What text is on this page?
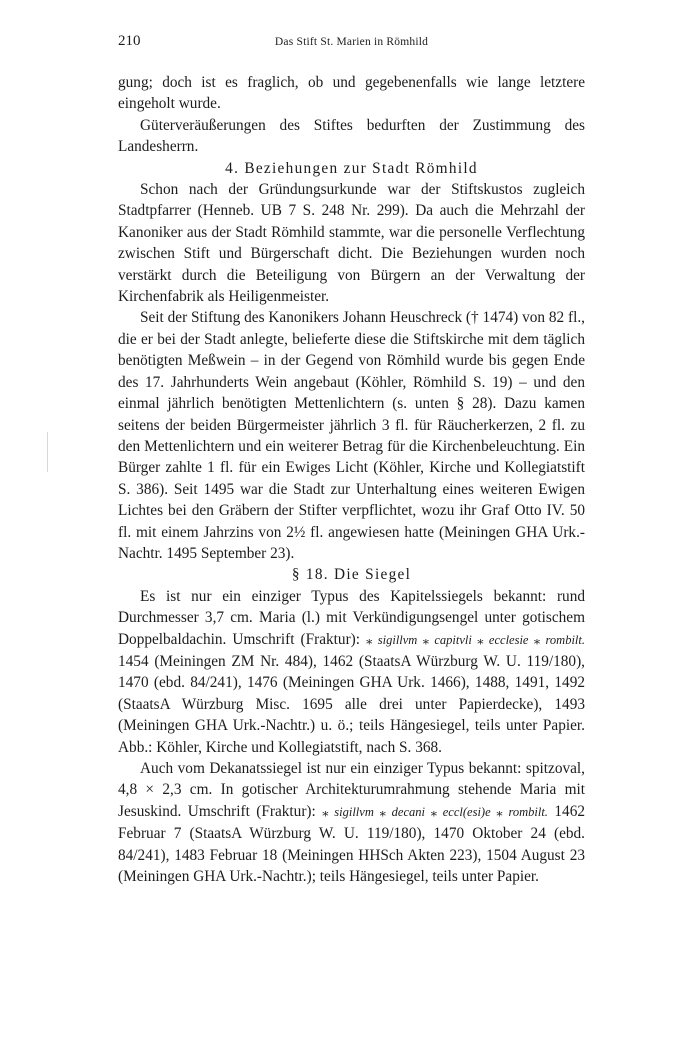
210	Das Stift St. Marien in Römhild

gung; doch ist es fraglich, ob und gegebenenfalls wie lange letztere eingeholt wurde.

Güterveräußerungen des Stiftes bedurften der Zustimmung des Landesherrn.

4. Beziehungen zur Stadt Römhild

Schon nach der Gründungsurkunde war der Stiftskustos zugleich Stadtpfarrer (Henneb. UB 7 S. 248 Nr. 299). Da auch die Mehrzahl der Kanoniker aus der Stadt Römhild stammte, war die personelle Verflechtung zwischen Stift und Bürgerschaft dicht. Die Beziehungen wurden noch verstärkt durch die Beteiligung von Bürgern an der Verwaltung der Kirchenfabrik als Heiligenmeister.

Seit der Stiftung des Kanonikers Johann Heuschreck († 1474) von 82 fl., die er bei der Stadt anlegte, belieferte diese die Stiftskirche mit dem täglich benötigten Meßwein – in der Gegend von Römhild wurde bis gegen Ende des 17. Jahrhunderts Wein angebaut (Köhler, Römhild S. 19) – und den einmal jährlich benötigten Mettenlichtern (s. unten § 28). Dazu kamen seitens der beiden Bürgermeister jährlich 3 fl. für Räucherkerzen, 2 fl. zu den Mettenlichtern und ein weiterer Betrag für die Kirchenbeleuchtung. Ein Bürger zahlte 1 fl. für ein Ewiges Licht (Köhler, Kirche und Kollegiatstift S. 386). Seit 1495 war die Stadt zur Unterhaltung eines weiteren Ewigen Lichtes bei den Gräbern der Stifter verpflichtet, wozu ihr Graf Otto IV. 50 fl. mit einem Jahrzins von 2½ fl. angewiesen hatte (Meiningen GHA Urk.-Nachtr. 1495 September 23).

§ 18. Die Siegel

Es ist nur ein einziger Typus des Kapitelssiegels bekannt: rund Durchmesser 3,7 cm. Maria (l.) mit Verkündigungsengel unter gotischem Doppelbaldachin. Umschrift (Fraktur): ⁎ sigillvm ⁎ capitvli ⁎ ecclesie ⁎ rombilt. 1454 (Meiningen ZM Nr. 484), 1462 (StaatsA Würzburg W. U. 119/180), 1470 (ebd. 84/241), 1476 (Meiningen GHA Urk. 1466), 1488, 1491, 1492 (StaatsA Würzburg Misc. 1695 alle drei unter Papierdecke), 1493 (Meiningen GHA Urk.-Nachtr.) u. ö.; teils Hängesiegel, teils unter Papier. Abb.: Köhler, Kirche und Kollegiatstift, nach S. 368.

Auch vom Dekanatssiegel ist nur ein einziger Typus bekannt: spitzoval, 4,8 × 2,3 cm. In gotischer Architekturumrahmung stehende Maria mit Jesuskind. Umschrift (Fraktur): ⁎ sigillvm ⁎ decani ⁎ eccl(esi)e ⁎ rombilt. 1462 Februar 7 (StaatsA Würzburg W. U. 119/180), 1470 Oktober 24 (ebd. 84/241), 1483 Februar 18 (Meiningen HHSch Akten 223), 1504 August 23 (Meiningen GHA Urk.-Nachtr.); teils Hängesiegel, teils unter Papier.
